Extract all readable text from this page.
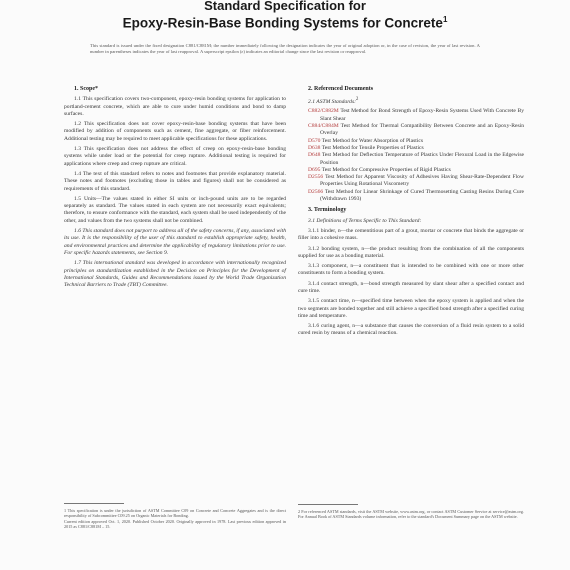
Standard Specification for
Epoxy-Resin-Base Bonding Systems for Concrete$^1$
This standard is issued under the fixed designation C881/C881M; the number immediately following the designation indicates the year of original adoption or, in the case of revision, the year of last revision. A number in parentheses indicates the year of last reapproval. A superscript epsilon (ε) indicates an editorial change since the last revision or reapproval.
1. Scope*
1.1 This specification covers two-component, epoxy-resin bonding systems for application to portland-cement concrete, which are able to cure under humid conditions and bond to damp surfaces.
1.2 This specification does not cover epoxy-resin-base bonding systems that have been modified by addition of components such as cement, fine aggregate, or fiber reinforcement. Additional testing may be required to meet applicable specifications for these applications.
1.3 This specification does not address the effect of creep on epoxy-resin-base bonding systems while under load or the potential for creep rupture. Additional testing is required for applications where creep and creep rupture are critical.
1.4 The text of this standard refers to notes and footnotes that provide explanatory material. These notes and footnotes (excluding those in tables and figures) shall not be considered as requirements of this standard.
1.5 Units—The values stated in either SI units or inch-pound units are to be regarded separately as standard. The values stated in each system are not necessarily exact equivalents; therefore, to ensure conformance with the standard, each system shall be used independently of the other, and values from the two systems shall not be combined.
1.6 This standard does not purport to address all of the safety concerns, if any, associated with its use. It is the responsibility of the user of this standard to establish appropriate safety, health, and environmental practices and determine the applicability of regulatory limitations prior to use. For specific hazards statements, see Section 9.
1.7 This international standard was developed in accordance with internationally recognized principles on standardization established in the Decision on Principles for the Development of International Standards, Guides and Recommendations issued by the World Trade Organization Technical Barriers to Trade (TBT) Committee.
2. Referenced Documents
2.1 ASTM Standards:$^2$
C882/C882M Test Method for Bond Strength of Epoxy-Resin Systems Used With Concrete By Slant Shear
C884/C884M Test Method for Thermal Compatibility Between Concrete and an Epoxy-Resin Overlay
D570 Test Method for Water Absorption of Plastics
D638 Test Method for Tensile Properties of Plastics
D648 Test Method for Deflection Temperature of Plastics Under Flexural Load in the Edgewise Position
D695 Test Method for Compressive Properties of Rigid Plastics
D2556 Test Method for Apparent Viscosity of Adhesives Having Shear-Rate-Dependent Flow Properties Using Rotational Viscometry
D2566 Test Method for Linear Shrinkage of Cured Thermosetting Casting Resins During Cure (Withdrawn 1993)
3. Terminology
3.1 Definitions of Terms Specific to This Standard:
3.1.1 binder, n—the cementitious part of a grout, mortar or concrete that binds the aggregate or filler into a cohesive mass.
3.1.2 bonding system, n—the product resulting from the combination of all the components supplied for use as a bonding material.
3.1.3 component, n—a constituent that is intended to be combined with one or more other constituents to form a bonding system.
3.1.4 contact strength, n—bond strength measured by slant shear after a specified contact and cure time.
3.1.5 contact time, n—specified time between when the epoxy system is applied and when the two segments are bonded together and still achieve a specified bond strength after a specified curing time and temperature.
3.1.6 curing agent, n—a substance that causes the conversion of a fluid resin system to a solid cured resin by means of a chemical reaction.
1 This specification is under the jurisdiction of ASTM Committee C09 on Concrete and Concrete Aggregates and is the direct responsibility of Subcommittee C09.25 on Organic Materials for Bonding.
Current edition approved Oct. 1, 2020. Published October 2020. Originally approved in 1978. Last previous edition approved in 2015 as C881/C881M – 15.
2 For referenced ASTM standards, visit the ASTM website, www.astm.org, or contact ASTM Customer Service at service@astm.org. For Annual Book of ASTM Standards volume information, refer to the standard's Document Summary page on the ASTM website.
